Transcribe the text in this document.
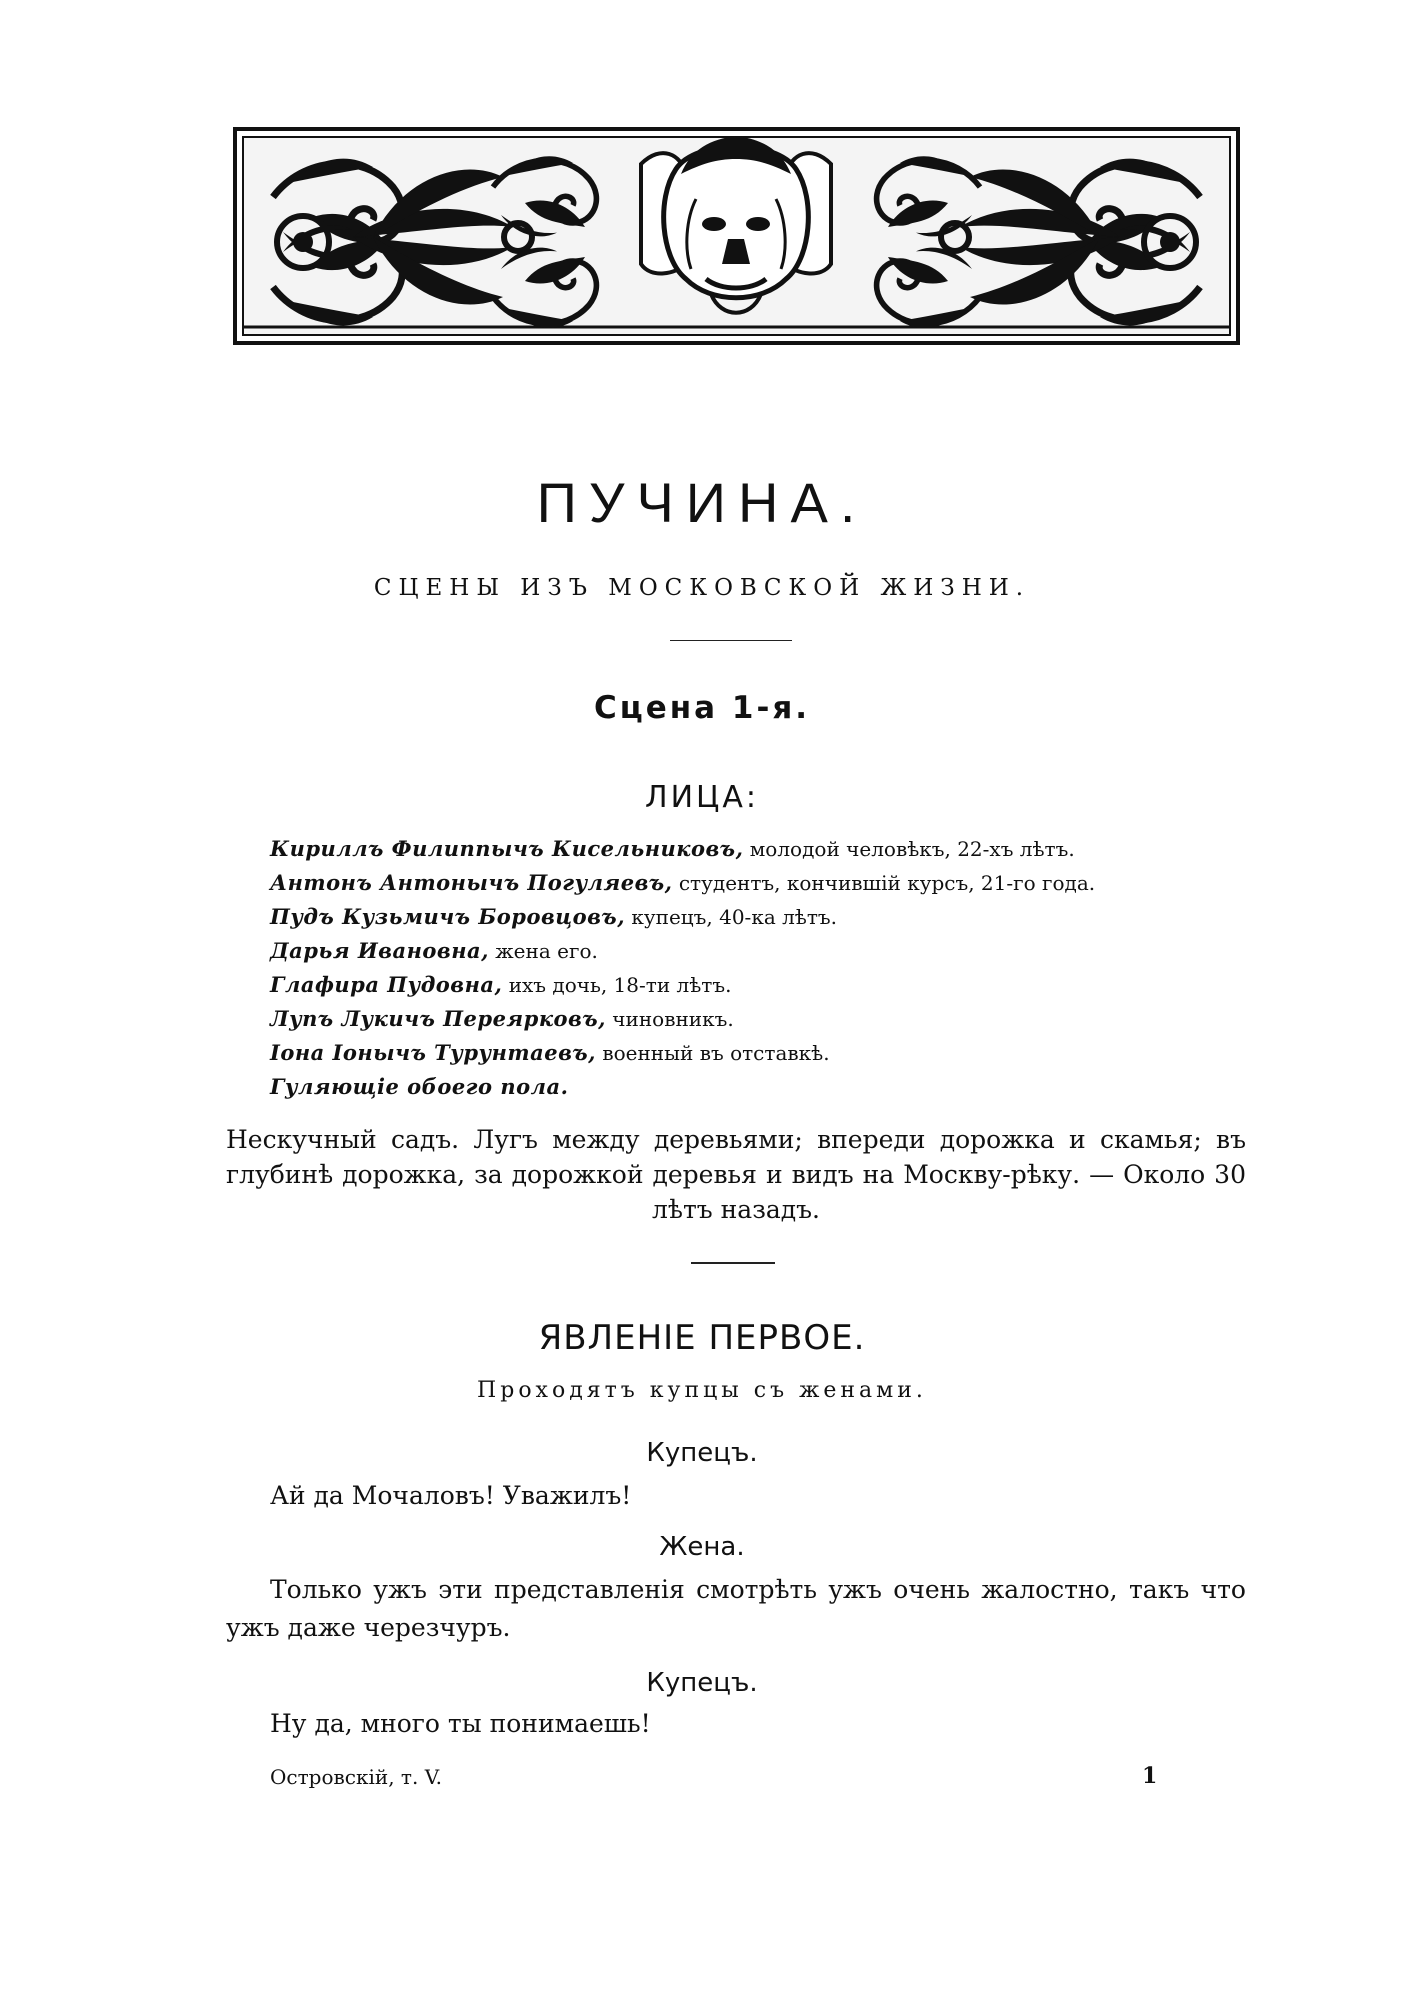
ПУЧИНА.
СЦЕНЫ ИЗЪ МОСКОВСКОЙ ЖИЗНИ.
Сцена 1-я.
ЛИЦА:
Кириллъ Филиппычъ Кисельниковъ, молодой человѣкъ, 22-хъ лѣтъ.
Антонъ Антонычъ Погуляевъ, студентъ, кончившій курсъ, 21-го года.
Пудъ Кузьмичъ Боровцовъ, купецъ, 40-ка лѣтъ.
Дарья Ивановна, жена его.
Глафира Пудовна, ихъ дочь, 18-ти лѣтъ.
Лупъ Лукичъ Переярковъ, чиновникъ.
Іона Іонычъ Турунтаевъ, военный въ отставкѣ.
Гуляющіе обоего пола.
Нескучный садъ. Лугъ между деревьями; впереди дорожка и скамья; въ глубинѣ дорожка, за дорожкой деревья и видъ на Москву-рѣку. — Около 30 лѣтъ назадъ.
ЯВЛЕНІЕ ПЕРВОЕ.
Проходятъ купцы съ женами.
Купецъ.
Ай да Мочаловъ! Уважилъ!
Жена.
Только ужъ эти представленія смотрѣть ужъ очень жалостно, такъ что ужъ даже черезчуръ.
Купецъ.
Ну да, много ты понимаешь!
Островскій, т. V.	1
